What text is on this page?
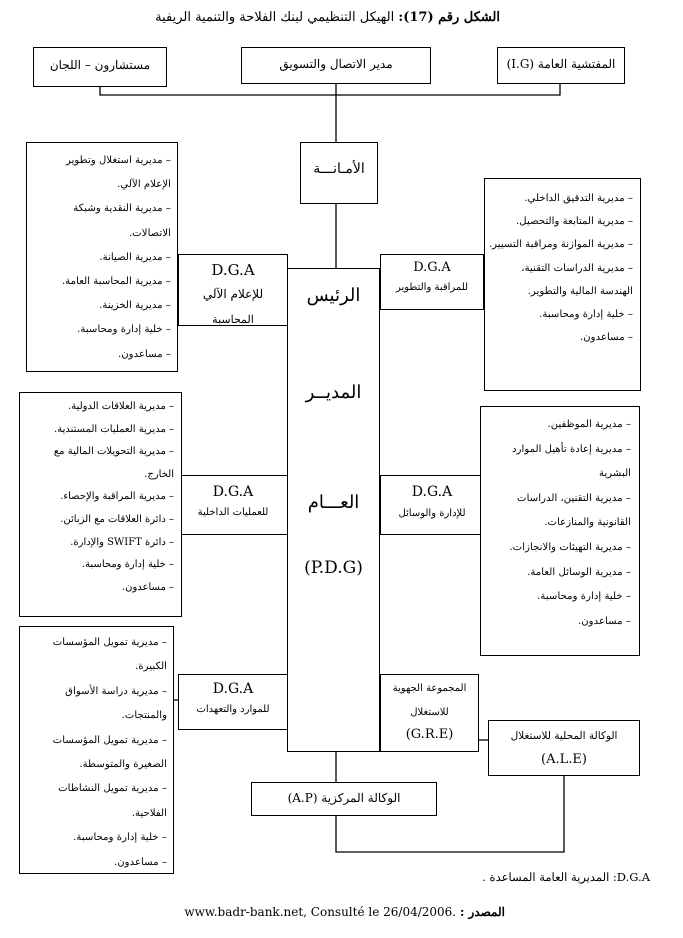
الشكل رقم (17): الهيكل التنظيمي لبنك الفلاحة والتنمية الريفية
المفتشية العامة (I.G)
مدير الاتصال والتسويق
مستشارون – اللجان
الأمـانـــة
الرئيس
المديــر
العـــام
(P.D.G)
D.G.A
للمراقبة والتطوير
– مديرية التدقيق الداخلي.
– مديرية المتابعة والتحصيل.
– مديرية الموازنة ومراقبة التسيير.
– مديرية الدراسات التقنية،
الهندسة المالية والتطوير.
– خلية إدارة ومحاسبة.
– مساعدون.
D.G.A
للإعلام الآلي
المحاسبة
– مديرية استغلال وتطوير
الإعلام الآلي.
– مديرية النقدية وشبكة
الاتصالات.
– مديرية الصيانة.
– مديرية المحاسبة العامة.
– مديرية الخزينة.
– خلية إدارة ومحاسبة.
– مساعدون.
D.G.A
للإدارة والوسائل
– مديرية الموظفين.
– مديرية إعادة تأهيل الموارد
البشرية
– مديرية التقنين، الدراسات
القانونية والمنازعات.
– مديرية التهيئات والانجازات.
– مديرية الوسائل العامة.
– خلية إدارة ومحاسبة.
– مساعدون.
D.G.A
للعمليات الداخلية
– مديرية العلاقات الدولية.
– مديرية العمليات المستندية.
– مديرية التحويلات المالية مع
الخارج.
– مديرية المراقبة والإحصاء.
– دائرة العلاقات مع الزبائن.
– دائرة SWIFT والإدارة.
– خلية إدارة ومحاسبة.
– مساعدون.
D.G.A
للموارد والتعهدات
– مديرية تمويل المؤسسات
الكبيرة.
– مديرية دراسة الأسواق
والمنتجات.
– مديرية تمويل المؤسسات
الصغيرة والمتوسطة.
– مديرية تمويل النشاطات
الفلاحية.
– خلية إدارة ومحاسبة.
– مساعدون.
المجموعة الجهوية
للاستغلال
(G.R.E)	الوكالة المحلية للاستغلال
(A.L.E)
الوكالة المركزية (A.P)
D.G.A: المديرية العامة المساعدة .
المصدر : www.badr-bank.net, Consulté le 26/04/2006.
